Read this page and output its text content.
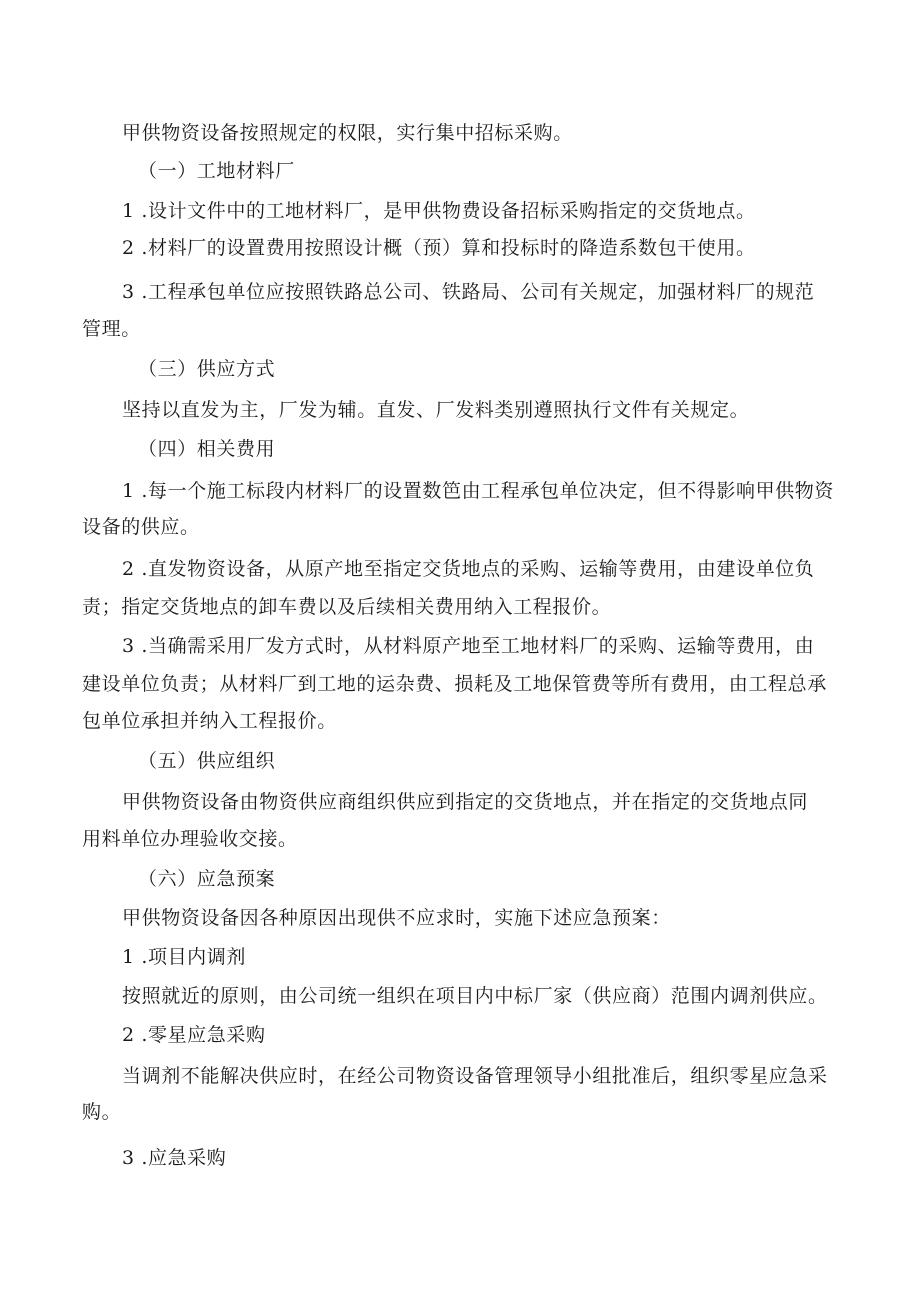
甲供物资设备按照规定的权限，实行集中招标采购。
（一）工地材料厂
1 .设计文件中的工地材料厂，是甲供物费设备招标采购指定的交货地点。
2 .材料厂的设置费用按照设计概（预）算和投标时的降造系数包干使用。
3 .工程承包单位应按照铁路总公司、铁路局、公司有关规定，加强材料厂的规范
管理。
（三）供应方式
坚持以直发为主，厂发为辅。直发、厂发料类别遵照执行文件有关规定。
（四）相关费用
1 .每一个施工标段内材料厂的设置数笆由工程承包单位决定，但不得影响甲供物资
设备的供应。
2 .直发物资设备，从原产地至指定交货地点的采购、运输等费用，由建设单位负
责；指定交货地点的卸车费以及后续相关费用纳入工程报价。
3 .当确需采用厂发方式时，从材料原产地至工地材料厂的采购、运输等费用，由
建设单位负责；从材料厂到工地的运杂费、损耗及工地保管费等所有费用，由工程总承
包单位承担并纳入工程报价。
（五）供应组织
甲供物资设备由物资供应商组织供应到指定的交货地点，并在指定的交货地点同
用料单位办理验收交接。
（六）应急预案
甲供物资设备因各种原因出现供不应求时，实施下述应急预案：
1 .项目内调剂
按照就近的原则，由公司统一组织在项目内中标厂家（供应商）范围内调剂供应。
2 .零星应急采购
当调剂不能解决供应时，在经公司物资设备管理领导小组批准后，组织零星应急采
购。
3 .应急采购
